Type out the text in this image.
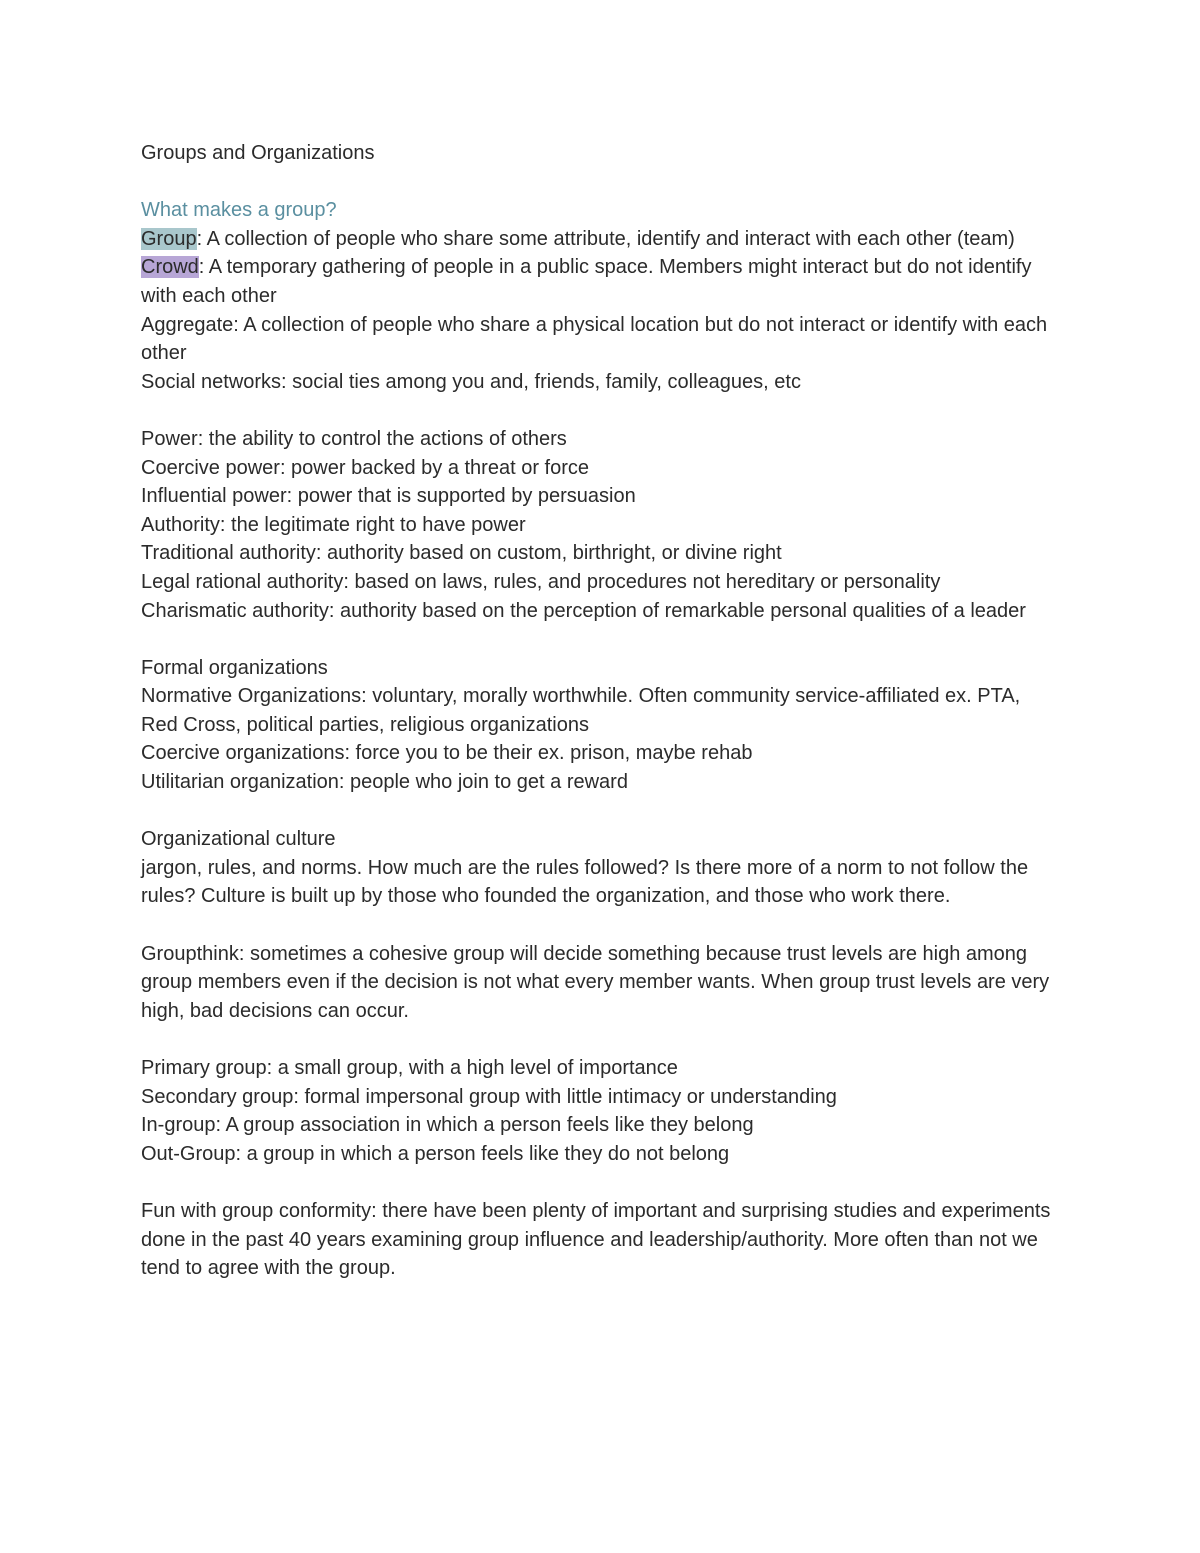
Groups and Organizations

What makes a group?

Group: A collection of people who share some attribute, identify and interact with each other (team)

Crowd: A temporary gathering of people in a public space. Members might interact but do not identify with each other

Aggregate: A collection of people who share a physical location but do not interact or identify with each other

Social networks: social ties among you and, friends, family, colleagues, etc

Power: the ability to control the actions of others

Coercive power: power backed by a threat or force

Influential power: power that is supported by persuasion

Authority: the legitimate right to have power

Traditional authority: authority based on custom, birthright, or divine right

Legal rational authority: based on laws, rules, and procedures not hereditary or personality

Charismatic authority: authority based on the perception of remarkable personal qualities of a leader

Formal organizations

Normative Organizations: voluntary, morally worthwhile. Often community service-affiliated ex. PTA, Red Cross, political parties, religious organizations

Coercive organizations: force you to be their ex. prison, maybe rehab

Utilitarian organization: people who join to get a reward

Organizational culture

jargon, rules, and norms. How much are the rules followed? Is there more of a norm to not follow the rules? Culture is built up by those who founded the organization, and those who work there.

Groupthink: sometimes a cohesive group will decide something because trust levels are high among group members even if the decision is not what every member wants. When group trust levels are very high, bad decisions can occur.

Primary group: a small group, with a high level of importance

Secondary group: formal impersonal group with little intimacy or understanding

In-group: A group association in which a person feels like they belong

Out-Group: a group in which a person feels like they do not belong

Fun with group conformity: there have been plenty of important and surprising studies and experiments done in the past 40 years examining group influence and leadership/authority. More often than not we tend to agree with the group.
